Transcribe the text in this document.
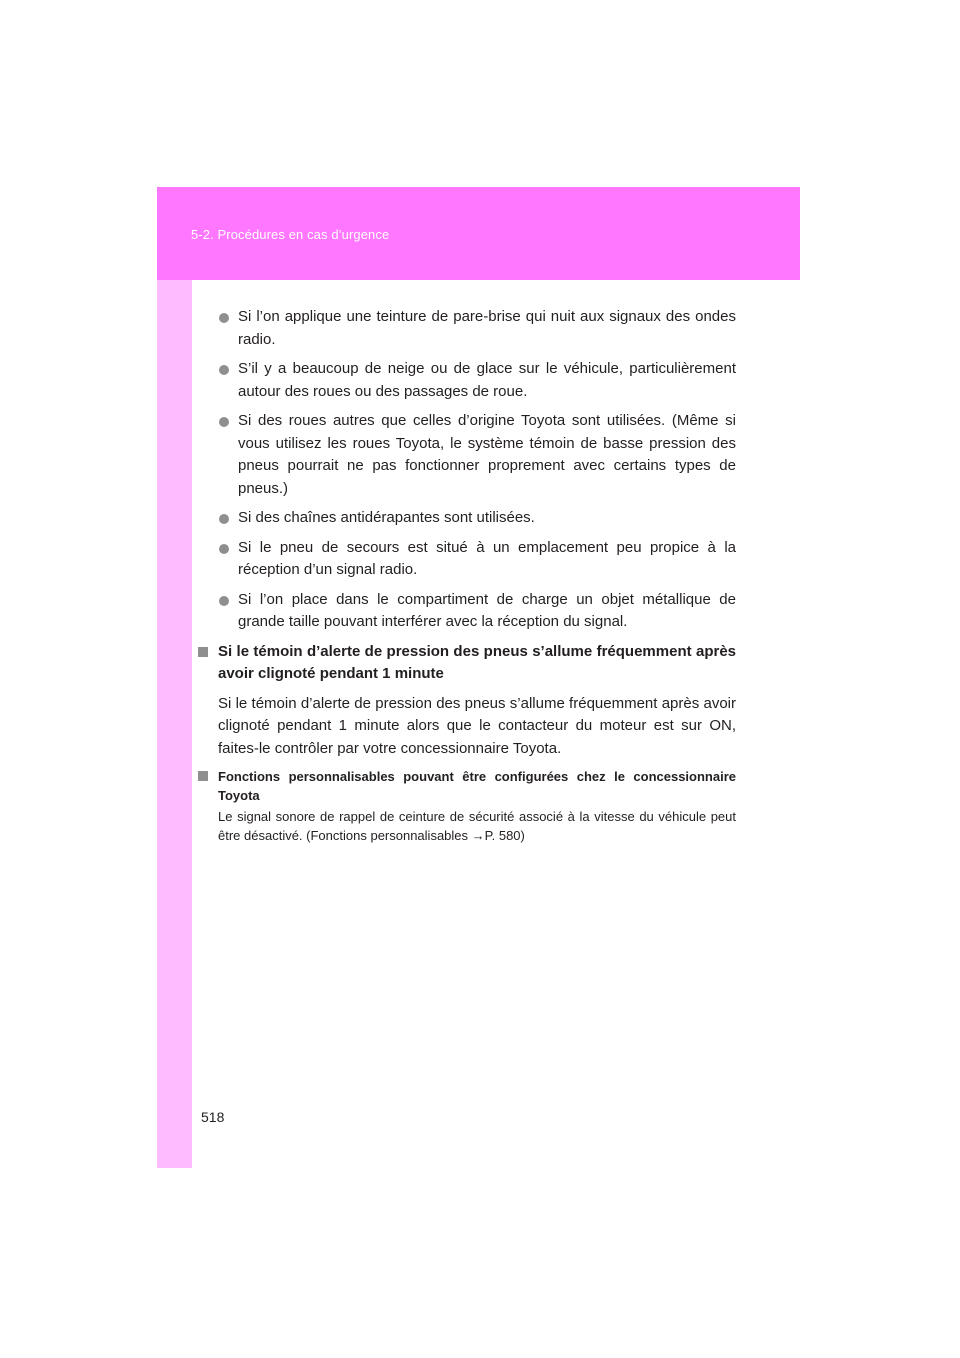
5-2. Procédures en cas d’urgence
Si l’on applique une teinture de pare-brise qui nuit aux signaux des ondes radio.
S’il y a beaucoup de neige ou de glace sur le véhicule, particulièrement autour des roues ou des passages de roue.
Si des roues autres que celles d’origine Toyota sont utilisées. (Même si vous utilisez les roues Toyota, le système témoin de basse pression des pneus pourrait ne pas fonctionner proprement avec certains types de pneus.)
Si des chaînes antidérapantes sont utilisées.
Si le pneu de secours est situé à un emplacement peu propice à la réception d’un signal radio.
Si l’on place dans le compartiment de charge un objet métallique de grande taille pouvant interférer avec la réception du signal.
Si le témoin d’alerte de pression des pneus s’allume fréquemment après avoir clignoté pendant 1 minute
Si le témoin d’alerte de pression des pneus s’allume fréquemment après avoir clignoté pendant 1 minute alors que le contacteur du moteur est sur ON, faites-le contrôler par votre concessionnaire Toyota.
Fonctions personnalisables pouvant être configurées chez le concessionnaire Toyota
Le signal sonore de rappel de ceinture de sécurité associé à la vitesse du véhicule peut être désactivé. (Fonctions personnalisables →P. 580)
518
